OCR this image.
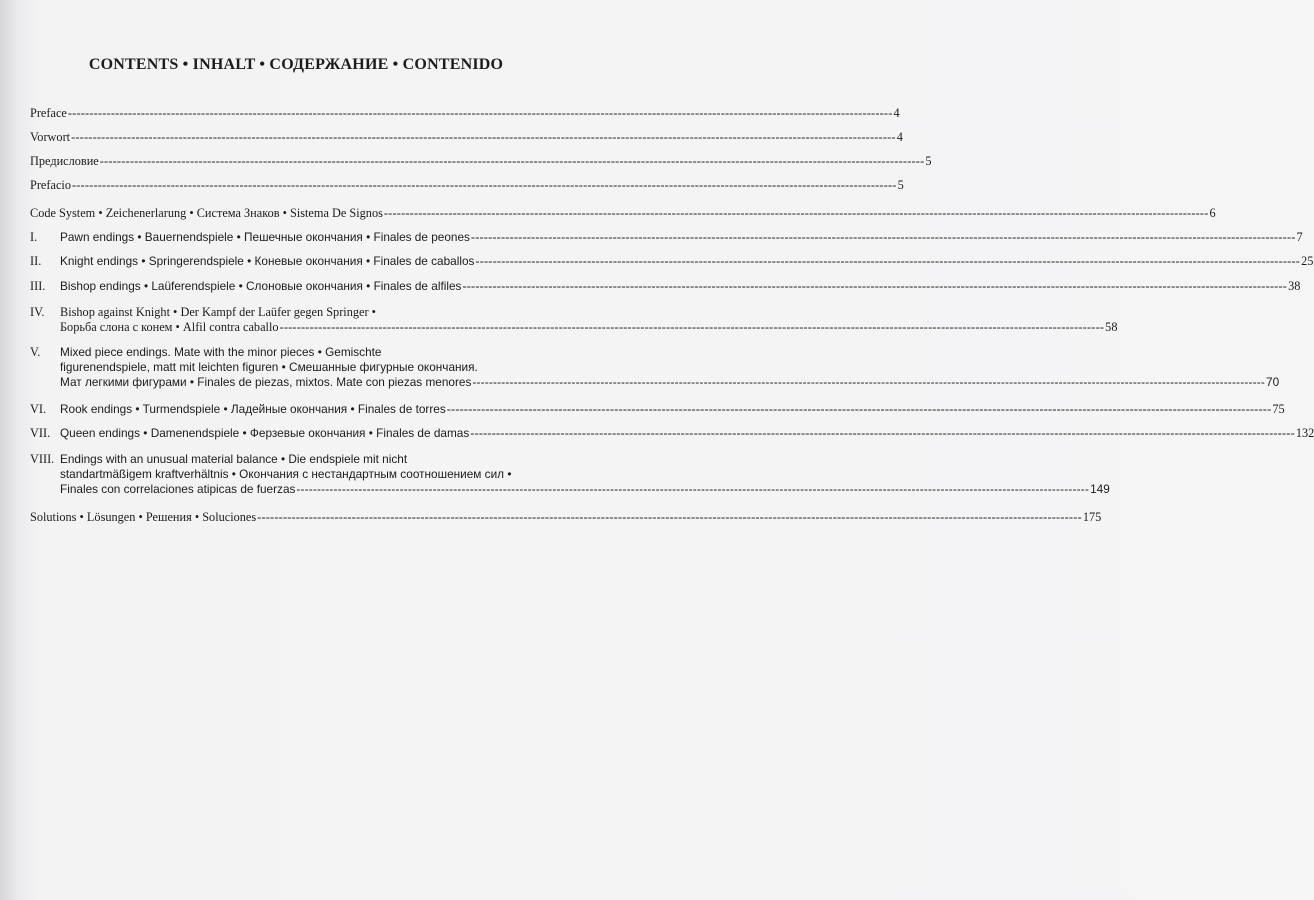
CONTENTS • INHALT • СОДЕРЖАНИЕ • CONTENIDO
Preface -----	4
Vorwort -----	4
Предисловие -----	5
Prefacio -----	5
Code System • Zeichenerlarung • Система Знаков • Sistema De Signos -----	6
I.	Pawn endings • Bauernendspiele • Пешечные окончания • Finales de peones -----	7
II.	Knight endings • Springerendspiele • Коневые окончания • Finales de caballos -----	25
III.	Bishop endings • Laüferendspiele • Слоновые окончания • Finales de alfiles -----	38
IV.	Bishop against Knight • Der Kampf der Laüfer gegen Springer •
Борьба слона с конем • Alfil contra caballo -----	58
V.	Mixed piece endings. Mate with the minor pieces • Gemischte
figurenendspiele, matt mit leichten figuren • Смешанные фигурные окончания.
Мат легкими фигурами • Finales de piezas, mixtos. Mate con piezas menores -----	70
VI.	Rook endings • Turmendspiele • Ладейные окончания • Finales de torres -----	75
VII. Queen endings • Damenendspiele • Ферзевые окончания • Finales de damas -----	132
VIII. Endings with an unusual material balance • Die endspiele mit nicht
standartmäßigem kraftverhältnis • Окончания с нестандартным соотношением сил •
Finales con correlaciones atipicas de fuerzas -----	149
Solutions • Lösungen • Решения • Soluciones -----	175
